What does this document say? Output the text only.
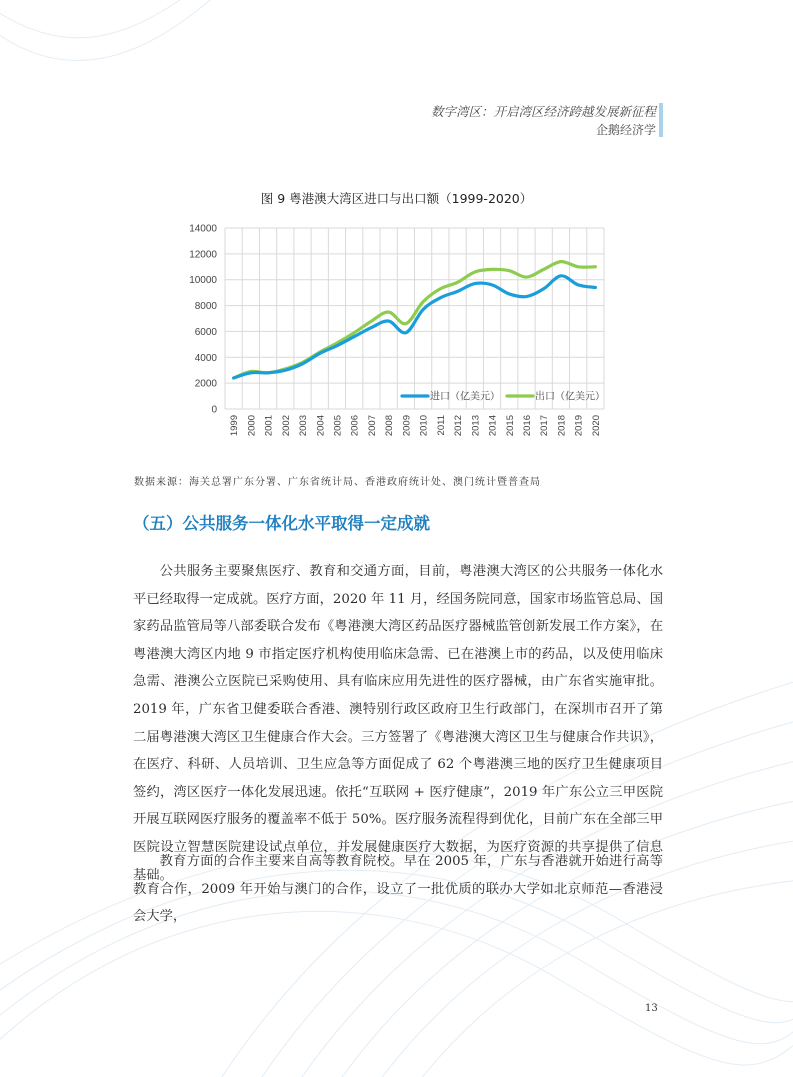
数字湾区：开启湾区经济跨越发展新征程
企鹅经济学
图 9 粤港澳大湾区进口与出口额（1999-2020）
0
2000
4000
6000
8000
10000
12000
14000
1999 2000 2001 2002 2003 2004 2005 2006 2007 2008 2009 2010 2011 2012 2013 2014 2015 2016 2017 2018 2019 2020
进口（亿美元）	出口（亿美元）
数据来源：海关总署广东分署、广东省统计局、香港政府统计处、澳门统计暨普查局
（五）公共服务一体化水平取得一定成就

公共服务主要聚焦医疗、教育和交通方面，目前，粤港澳大湾区的公共服务一体化水平已经取得一定成就。医疗方面，2020 年 11 月，经国务院同意，国家市场监管总局、国家药品监管局等八部委联合发布《粤港澳大湾区药品医疗器械监管创新发展工作方案》，在粤港澳大湾区内地 9 市指定医疗机构使用临床急需、已在港澳上市的药品，以及使用临床急需、港澳公立医院已采购使用、具有临床应用先进性的医疗器械，由广东省实施审批。2019 年，广东省卫健委联合香港、澳特别行政区政府卫生行政部门，在深圳市召开了第二届粤港澳大湾区卫生健康合作大会。三方签署了《粤港澳大湾区卫生与健康合作共识》，在医疗、科研、人员培训、卫生应急等方面促成了 62 个粤港澳三地的医疗卫生健康项目签约，湾区医疗一体化发展迅速。依托“互联网 + 医疗健康”，2019 年广东公立三甲医院开展互联网医疗服务的覆盖率不低于 50%。医疗服务流程得到优化，目前广东在全部三甲医院设立智慧医院建设试点单位，并发展健康医疗大数据，为医疗资源的共享提供了信息基础。

教育方面的合作主要来自高等教育院校。早在 2005 年，广东与香港就开始进行高等教育合作，2009 年开始与澳门的合作，设立了一批优质的联办大学如北京师范—香港浸会大学，

13
